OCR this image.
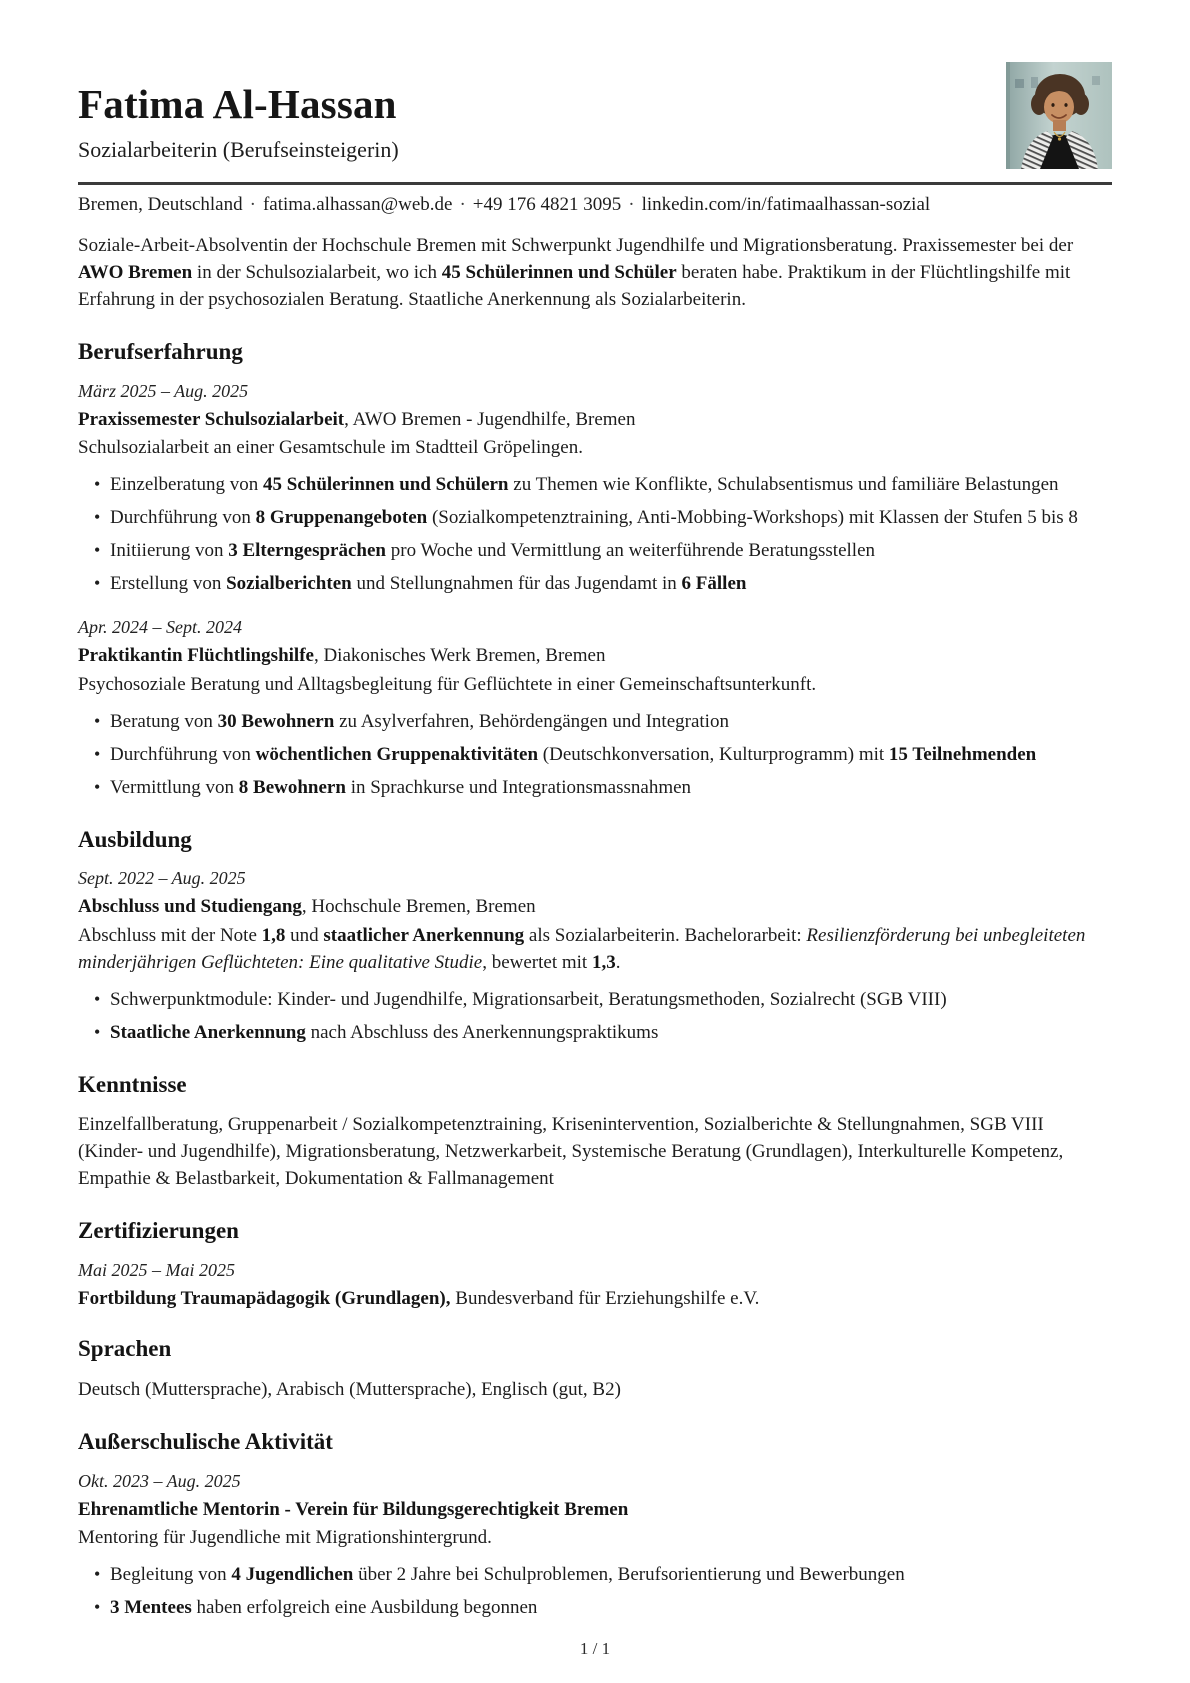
Fatima Al-Hassan
Sozialarbeiterin (Berufseinsteigerin)
Bremen, Deutschland · fatima.alhassan@web.de · +49 176 4821 3095 · linkedin.com/in/fatimaalhassan-sozial

Soziale-Arbeit-Absolventin der Hochschule Bremen mit Schwerpunkt Jugendhilfe und Migrationsberatung. Praxissemester bei der AWO Bremen in der Schulsozialarbeit, wo ich 45 Schülerinnen und Schüler beraten habe. Praktikum in der Flüchtlingshilfe mit Erfahrung in der psychosozialen Beratung. Staatliche Anerkennung als Sozialarbeiterin.

Berufserfahrung
März 2025 – Aug. 2025
Praxissemester Schulsozialarbeit, AWO Bremen - Jugendhilfe, Bremen
Schulsozialarbeit an einer Gesamtschule im Stadtteil Gröpelingen.
• Einzelberatung von 45 Schülerinnen und Schülern zu Themen wie Konflikte, Schulabsentismus und familiäre Belastungen
• Durchführung von 8 Gruppenangeboten (Sozialkompetenztraining, Anti-Mobbing-Workshops) mit Klassen der Stufen 5 bis 8
• Initiierung von 3 Elterngesprächen pro Woche und Vermittlung an weiterführende Beratungsstellen
• Erstellung von Sozialberichten und Stellungnahmen für das Jugendamt in 6 Fällen
Apr. 2024 – Sept. 2024
Praktikantin Flüchtlingshilfe, Diakonisches Werk Bremen, Bremen
Psychosoziale Beratung und Alltagsbegleitung für Geflüchtete in einer Gemeinschaftsunterkunft.
• Beratung von 30 Bewohnern zu Asylverfahren, Behördengängen und Integration
• Durchführung von wöchentlichen Gruppenaktivitäten (Deutschkonversation, Kulturprogramm) mit 15 Teilnehmenden
• Vermittlung von 8 Bewohnern in Sprachkurse und Integrationsmassnahmen
Ausbildung
Sept. 2022 – Aug. 2025
Abschluss und Studiengang, Hochschule Bremen, Bremen
Abschluss mit der Note 1,8 und staatlicher Anerkennung als Sozialarbeiterin. Bachelorarbeit: Resilienzförderung bei unbegleiteten minderjährigen Geflüchteten: Eine qualitative Studie, bewertet mit 1,3.
• Schwerpunktmodule: Kinder- und Jugendhilfe, Migrationsarbeit, Beratungsmethoden, Sozialrecht (SGB VIII)
• Staatliche Anerkennung nach Abschluss des Anerkennungspraktikums
Kenntnisse

Einzelfallberatung, Gruppenarbeit / Sozialkompetenztraining, Krisenintervention, Sozialberichte & Stellungnahmen, SGB VIII (Kinder- und Jugendhilfe), Migrationsberatung, Netzwerkarbeit, Systemische Beratung (Grundlagen), Interkulturelle Kompetenz, Empathie & Belastbarkeit, Dokumentation & Fallmanagement

Zertifizierungen
Mai 2025 – Mai 2025
Fortbildung Traumapädagogik (Grundlagen), Bundesverband für Erziehungshilfe e.V.
Sprachen

Deutsch (Muttersprache), Arabisch (Muttersprache), Englisch (gut, B2)

Außerschulische Aktivität
Okt. 2023 – Aug. 2025
Ehrenamtliche Mentorin - Verein für Bildungsgerechtigkeit Bremen
Mentoring für Jugendliche mit Migrationshintergrund.
• Begleitung von 4 Jugendlichen über 2 Jahre bei Schulproblemen, Berufsorientierung und Bewerbungen
• 3 Mentees haben erfolgreich eine Ausbildung begonnen
1 / 1
